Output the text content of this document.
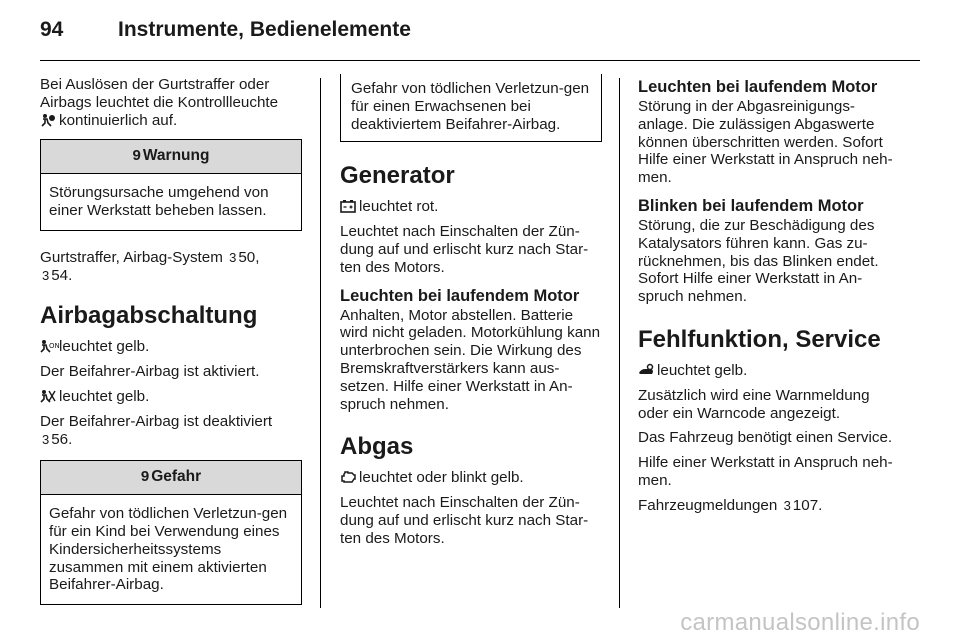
94	Instrumente, Bedienelemente

Bei Auslösen der Gurtstraffer oder Airbags leuchtet die Kontrollleuchte

kontinuierlich auf.

9 Warnung
Störungsursache umgehend von einer Werkstatt beheben lassen.

Gurtstraffer, Airbag-System 3 50,
3 54.

Airbagabschaltung

ON leuchtet gelb.

Der Beifahrer-Airbag ist aktiviert.

leuchtet gelb.

Der Beifahrer-Airbag ist deaktiviert
3 56.

9 Gefahr
Gefahr von tödlichen Verletzun-gen für ein Kind bei Verwendung eines Kindersicherheitssystems zusammen mit einem aktivierten Beifahrer-Airbag.
Gefahr von tödlichen Verletzun-gen für einen Erwachsenen bei deaktiviertem Beifahrer-Airbag.
Generator

leuchtet rot.

Leuchtet nach Einschalten der Zün-dung auf und erlischt kurz nach Star-ten des Motors.

Leuchten bei laufendem Motor

Anhalten, Motor abstellen. Batterie wird nicht geladen. Motorkühlung kann unterbrochen sein. Die Wirkung des Bremskraftverstärkers kann aus-setzen. Hilfe einer Werkstatt in An-spruch nehmen.

Abgas

leuchtet oder blinkt gelb.

Leuchtet nach Einschalten der Zün-dung auf und erlischt kurz nach Star-ten des Motors.

Leuchten bei laufendem Motor

Störung in der Abgasreinigungs-anlage. Die zulässigen Abgaswerte können überschritten werden. Sofort Hilfe einer Werkstatt in Anspruch neh-men.

Blinken bei laufendem Motor

Störung, die zur Beschädigung des Katalysators führen kann. Gas zu-rücknehmen, bis das Blinken endet. Sofort Hilfe einer Werkstatt in An-spruch nehmen.

Fehlfunktion, Service

leuchtet gelb.

Zusätzlich wird eine Warnmeldung oder ein Warncode angezeigt.

Das Fahrzeug benötigt einen Service.

Hilfe einer Werkstatt in Anspruch neh-men.

Fahrzeugmeldungen 3 107.

carmanualsonline.info
